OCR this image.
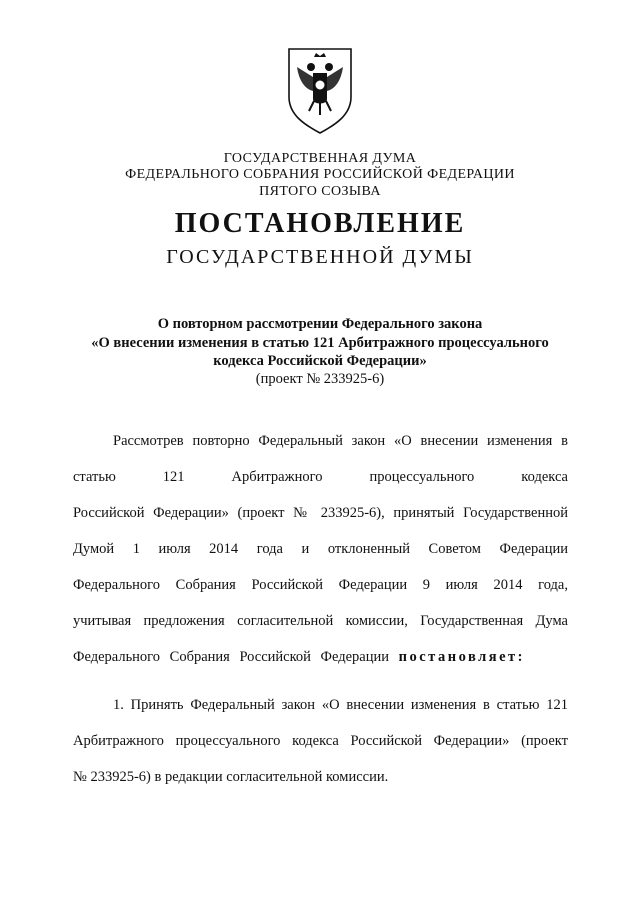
ГОСУДАРСТВЕННАЯ ДУМА
ФЕДЕРАЛЬНОГО СОБРАНИЯ РОССИЙСКОЙ ФЕДЕРАЦИИ
ПЯТОГО СОЗЫВА
ПОСТАНОВЛЕНИЕ
ГОСУДАРСТВЕННОЙ ДУМЫ
О повторном рассмотрении Федерального закона
«О внесении изменения в статью 121 Арбитражного процессуального
кодекса Российской Федерации»
(проект № 233925-6)
Рассмотрев повторно Федеральный закон «О внесении изменения в
статью 121 Арбитражного процессуального кодекса
Российской Федерации» (проект № 233925-6), принятый Государственной
Думой 1 июля 2014 года и отклоненный Советом Федерации
Федерального Собрания Российской Федерации 9 июля 2014 года,
учитывая предложения согласительной комиссии, Государственная Дума
Федерального Собрания Российской Федерации постановляет:
1. Принять Федеральный закон «О внесении изменения в статью 121
Арбитражного процессуального кодекса Российской Федерации» (проект
№ 233925-6) в редакции согласительной комиссии.
